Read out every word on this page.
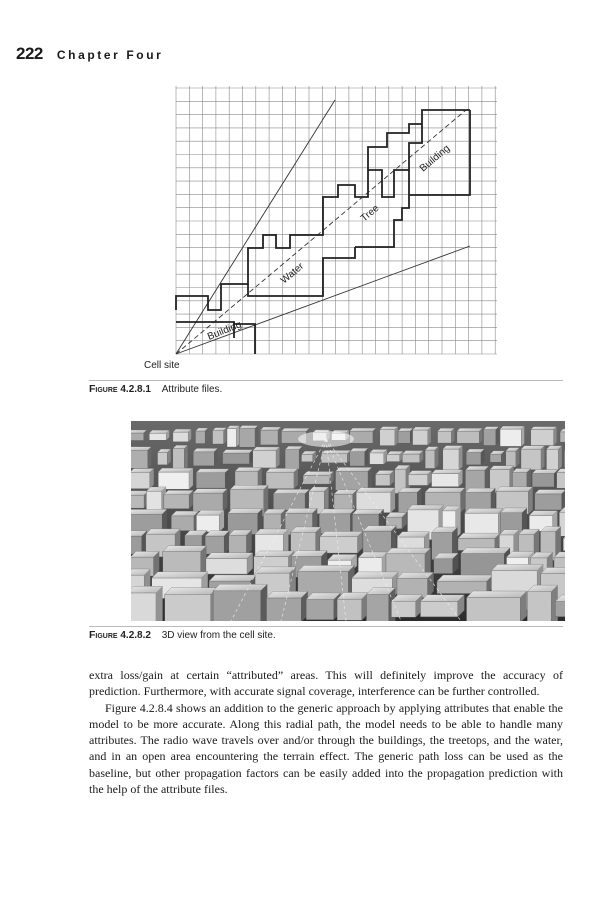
222 Chapter Four
Cell site
Building
Water
Tree
Building
Figure 4.2.8.1 Attribute files.
Figure 4.2.8.2 3D view from the cell site.

extra loss/gain at certain “attributed” areas. This will definitely improve the accuracy of prediction. Furthermore, with accurate signal coverage, interference can be further controlled.

Figure 4.2.8.4 shows an addition to the generic approach by applying attributes that enable the model to be more accurate. Along this radial path, the model needs to be able to handle many attributes. The radio wave travels over and/or through the buildings, the treetops, and the water, and in an open area encountering the terrain effect. The generic path loss can be used as the baseline, but other propagation factors can be easily added into the propagation prediction with the help of the attribute files.
